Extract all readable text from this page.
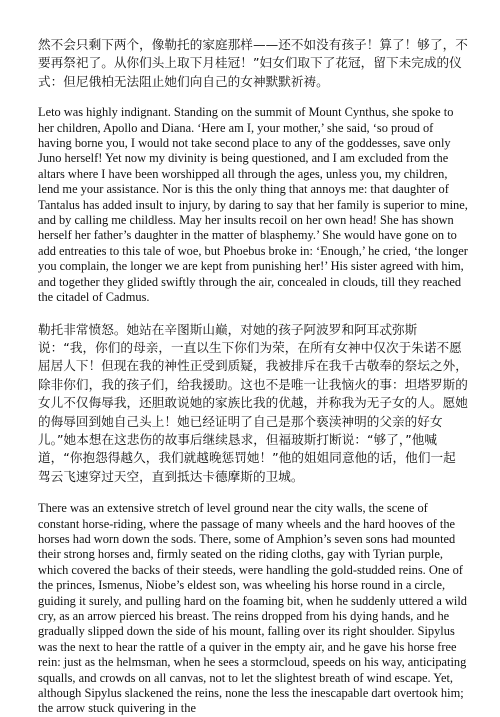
然不会只剩下两个，像勒托的家庭那样——还不如没有孩子！算了！够了，不要再祭祀了。从你们头上取下月桂冠！”妇女们取下了花冠，留下未完成的仪式：但尼俄柏无法阻止她们向自己的女神默默祈祷。

Leto was highly indignant. Standing on the summit of Mount Cynthus, she spoke to her children, Apollo and Diana. ‘Here am I, your mother,’ she said, ‘so proud of having borne you, I would not take second place to any of the goddesses, save only Juno herself! Yet now my divinity is being questioned, and I am excluded from the altars where I have been worshipped all through the ages, unless you, my children, lend me your assistance. Nor is this the only thing that annoys me: that daughter of Tantalus has added insult to injury, by daring to say that her family is superior to mine, and by calling me childless. May her insults recoil on her own head! She has shown herself her father’s daughter in the matter of blasphemy.’ She would have gone on to add entreaties to this tale of woe, but Phoebus broke in: ‘Enough,’ he cried, ‘the longer you complain, the longer we are kept from punishing her!’ His sister agreed with him, and together they glided swiftly through the air, concealed in clouds, till they reached the citadel of Cadmus.

勒托非常愤怒。她站在辛图斯山巅，对她的孩子阿波罗和阿耳忒弥斯说：“我，你们的母亲，一直以生下你们为荣，在所有女神中仅次于朱诺不愿屈居人下！但现在我的神性正受到质疑，我被排斥在我千古敬奉的祭坛之外，除非你们，我的孩子们，给我援助。这也不是唯一让我恼火的事：坦塔罗斯的女儿不仅侮辱我，还胆敢说她的家族比我的优越，并称我为无子女的人。愿她的侮辱回到她自己头上！她已经证明了自己是那个亵渎神明的父亲的好女儿。”她本想在这悲伤的故事后继续恳求，但福玻斯打断说：“够了，”他喊道，“你抱怨得越久，我们就越晚惩罚她！”他的姐姐同意他的话，他们一起驾云飞速穿过天空，直到抵达卡德摩斯的卫城。

There was an extensive stretch of level ground near the city walls, the scene of constant horse-riding, where the passage of many wheels and the hard hooves of the horses had worn down the sods. There, some of Amphion’s seven sons had mounted their strong horses and, firmly seated on the riding cloths, gay with Tyrian purple, which covered the backs of their steeds, were handling the gold-studded reins. One of the princes, Ismenus, Niobe’s eldest son, was wheeling his horse round in a circle, guiding it surely, and pulling hard on the foaming bit, when he suddenly uttered a wild cry, as an arrow pierced his breast. The reins dropped from his dying hands, and he gradually slipped down the side of his mount, falling over its right shoulder. Sipylus was the next to hear the rattle of a quiver in the empty air, and he gave his horse free rein: just as the helmsman, when he sees a stormcloud, speeds on his way, anticipating squalls, and crowds on all canvas, not to let the slightest breath of wind escape. Yet, although Sipylus slackened the reins, none the less the inescapable dart overtook him; the arrow stuck quivering in the
